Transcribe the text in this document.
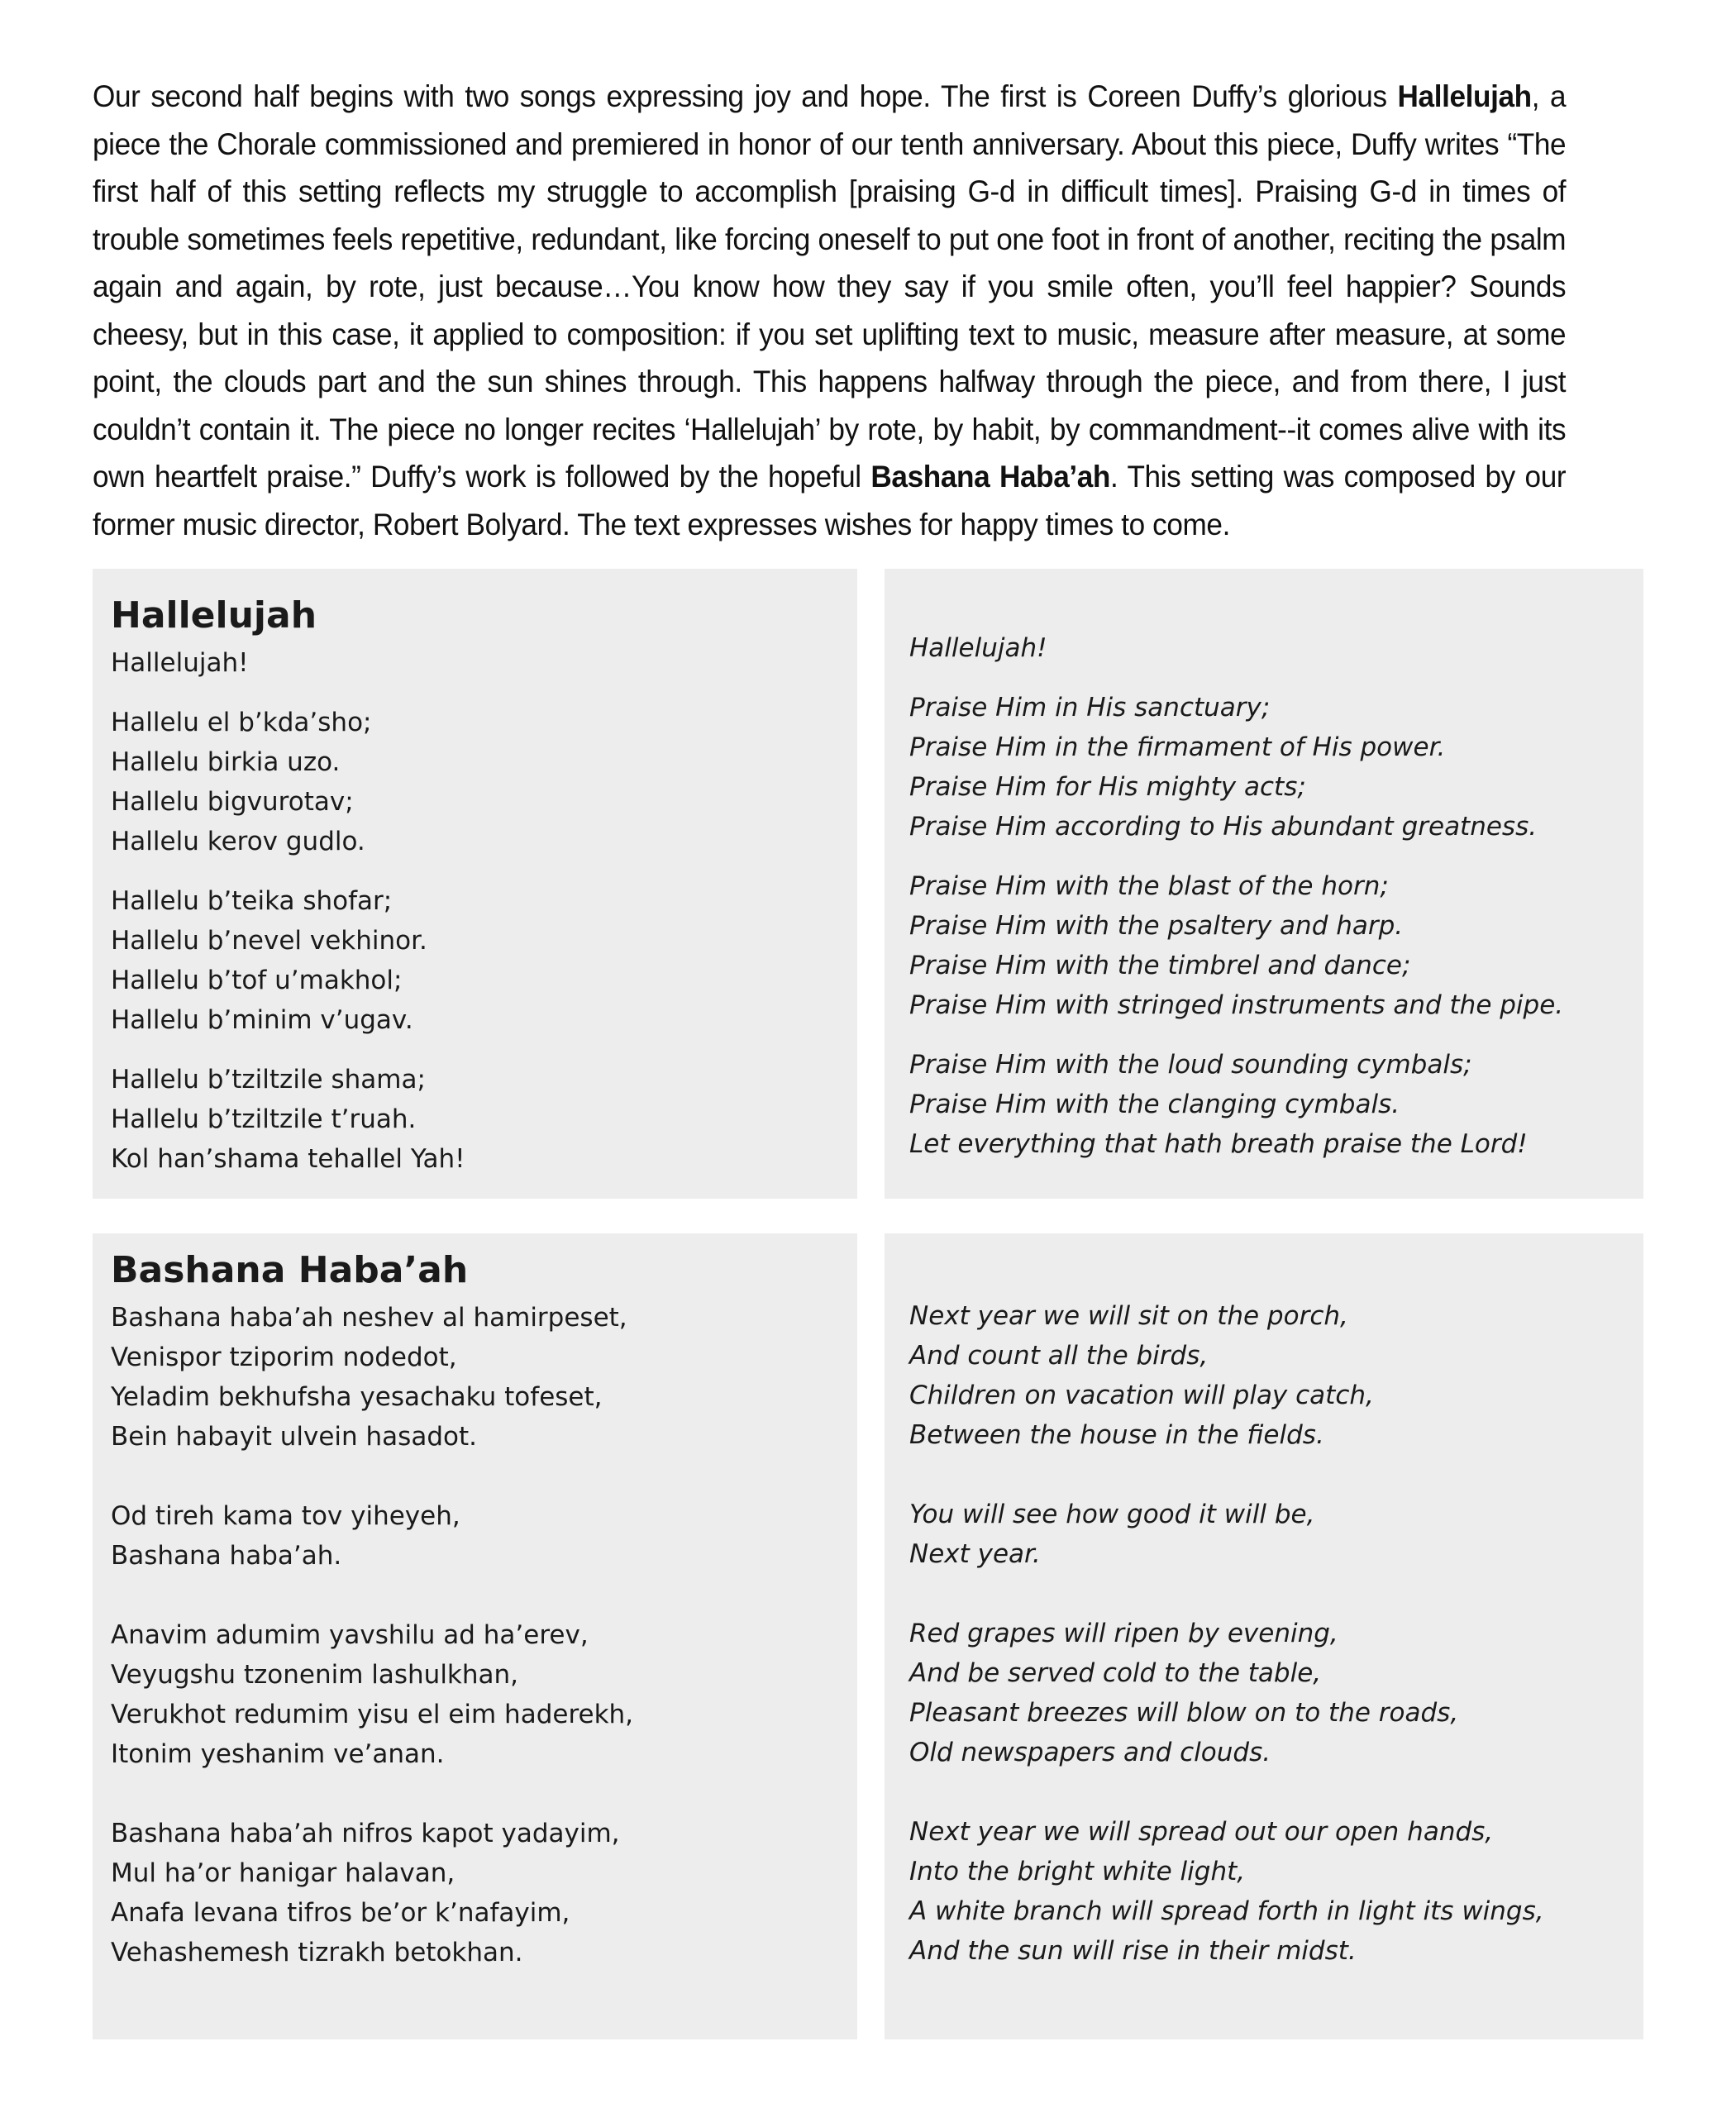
Our second half begins with two songs expressing joy and hope. The first is Coreen Duffy’s glorious Hallelujah, a piece the Chorale commissioned and premiered in honor of our tenth anniversary. About this piece, Duffy writes “The first half of this setting reflects my struggle to accomplish [praising G-d in difficult times]. Praising G-d in times of trouble sometimes feels repetitive, redundant, like forcing oneself to put one foot in front of another, reciting the psalm again and again, by rote, just because…You know how they say if you smile often, you’ll feel happier? Sounds cheesy, but in this case, it applied to composition: if you set uplifting text to music, measure after measure, at some point, the clouds part and the sun shines through. This happens halfway through the piece, and from there, I just couldn’t contain it. The piece no longer recites ‘Hallelujah’ by rote, by habit, by commandment--it comes alive with its own heartfelt praise.” Duffy’s work is followed by the hopeful Bashana Haba’ah. This setting was composed by our former music director, Robert Bolyard. The text expresses wishes for happy times to come.
Hallelujah
Hallelujah!
Hallelu el b’kda’sho;
Hallelu birkia uzo.
Hallelu bigvurotav;
Hallelu kerov gudlo.
Hallelu b’teika shofar;
Hallelu b’nevel vekhinor.
Hallelu b’tof u’makhol;
Hallelu b’minim v’ugav.
Hallelu b’tziltzile shama;
Hallelu b’tziltzile t’ruah.
Kol han’shama tehallel Yah!
Hallelujah!
Praise Him in His sanctuary;
Praise Him in the firmament of His power.
Praise Him for His mighty acts;
Praise Him according to His abundant greatness.
Praise Him with the blast of the horn;
Praise Him with the psaltery and harp.
Praise Him with the timbrel and dance;
Praise Him with stringed instruments and the pipe.
Praise Him with the loud sounding cymbals;
Praise Him with the clanging cymbals.
Let everything that hath breath praise the Lord!
Bashana Haba’ah
Bashana haba’ah neshev al hamirpeset,
Venispor tziporim nodedot,
Yeladim bekhufsha yesachaku tofeset,
Bein habayit ulvein hasadot.
Od tireh kama tov yiheyeh,
Bashana haba’ah.
Anavim adumim yavshilu ad ha’erev,
Veyugshu tzonenim lashulkhan,
Verukhot redumim yisu el eim haderekh,
Itonim yeshanim ve’anan.
Bashana haba’ah nifros kapot yadayim,
Mul ha’or hanigar halavan,
Anafa levana tifros be’or k’nafayim,
Vehashemesh tizrakh betokhan.
Next year we will sit on the porch,
And count all the birds,
Children on vacation will play catch,
Between the house in the fields.
You will see how good it will be,
Next year.
Red grapes will ripen by evening,
And be served cold to the table,
Pleasant breezes will blow on to the roads,
Old newspapers and clouds.
Next year we will spread out our open hands,
Into the bright white light,
A white branch will spread forth in light its wings,
And the sun will rise in their midst.
